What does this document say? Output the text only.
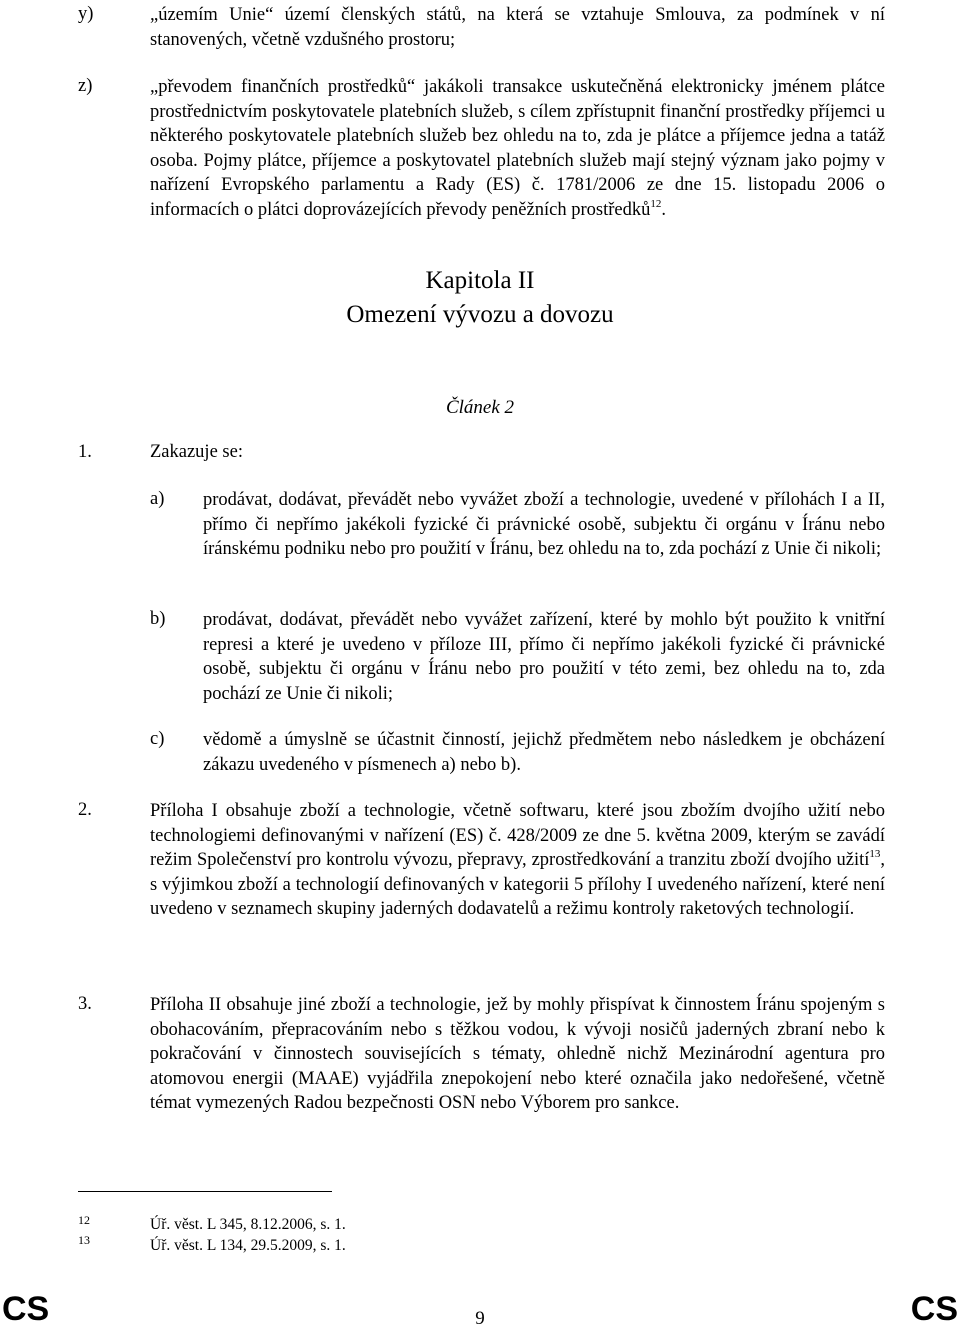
y)	„územím Unie“ území členských států, na která se vztahuje Smlouva, za podmínek v ní stanovených, včetně vzdušného prostoru;
z)	„převodem finančních prostředků“ jakákoli transakce uskutečněná elektronicky jménem plátce prostřednictvím poskytovatele platebních služeb, s cílem zpřístupnit finanční prostředky příjemci u některého poskytovatele platebních služeb bez ohledu na to, zda je plátce a příjemce jedna a tatáž osoba. Pojmy plátce, příjemce a poskytovatel platebních služeb mají stejný význam jako pojmy v nařízení Evropského parlamentu a Rady (ES) č. 1781/2006 ze dne 15. listopadu 2006 o informacích o plátci doprovázejících převody peněžních prostředků$^{12}$.
Kapitola II
Omezení vývozu a dovozu
Článek 2
1.	Zakazuje se:
a) prodávat, dodávat, převádět nebo vyvážet zboží a technologie, uvedené v přílohách I a II, přímo či nepřímo jakékoli fyzické či právnické osobě, subjektu či orgánu v Íránu nebo íránskému podniku nebo pro použití v Íránu, bez ohledu na to, zda pochází z Unie či nikoli;
b) prodávat, dodávat, převádět nebo vyvážet zařízení, které by mohlo být použito k vnitřní represi a které je uvedeno v příloze III, přímo či nepřímo jakékoli fyzické či právnické osobě, subjektu či orgánu v Íránu nebo pro použití v této zemi, bez ohledu na to, zda pochází ze Unie či nikoli;
c) vědomě a úmyslně se účastnit činností, jejichž předmětem nebo následkem je obcházení zákazu uvedeného v písmenech a) nebo b).
2.	Příloha I obsahuje zboží a technologie, včetně softwaru, které jsou zbožím dvojího užití nebo technologiemi definovanými v nařízení (ES) č. 428/2009 ze dne 5. května 2009, kterým se zavádí režim Společenství pro kontrolu vývozu, přepravy, zprostředkování a tranzitu zboží dvojího užití$^{13}$, s výjimkou zboží a technologií definovaných v kategorii 5 přílohy I uvedeného nařízení, které není uvedeno v seznamech skupiny jaderných dodavatelů a režimu kontroly raketových technologií.
3.	Příloha II obsahuje jiné zboží a technologie, jež by mohly přispívat k činnostem Íránu spojeným s obohacováním, přepracováním nebo s těžkou vodou, k vývoji nosičů jaderných zbraní nebo k pokračování v činnostech souvisejících s tématy, ohledně nichž Mezinárodní agentura pro atomovou energii (MAAE) vyjádřila znepokojení nebo které označila jako nedořešené, včetně témat vymezených Radou bezpečnosti OSN nebo Výborem pro sankce.
12	Úř. věst. L 345, 8.12.2006, s. 1.
13	Úř. věst. L 134, 29.5.2009, s. 1.
CS	9	CS
